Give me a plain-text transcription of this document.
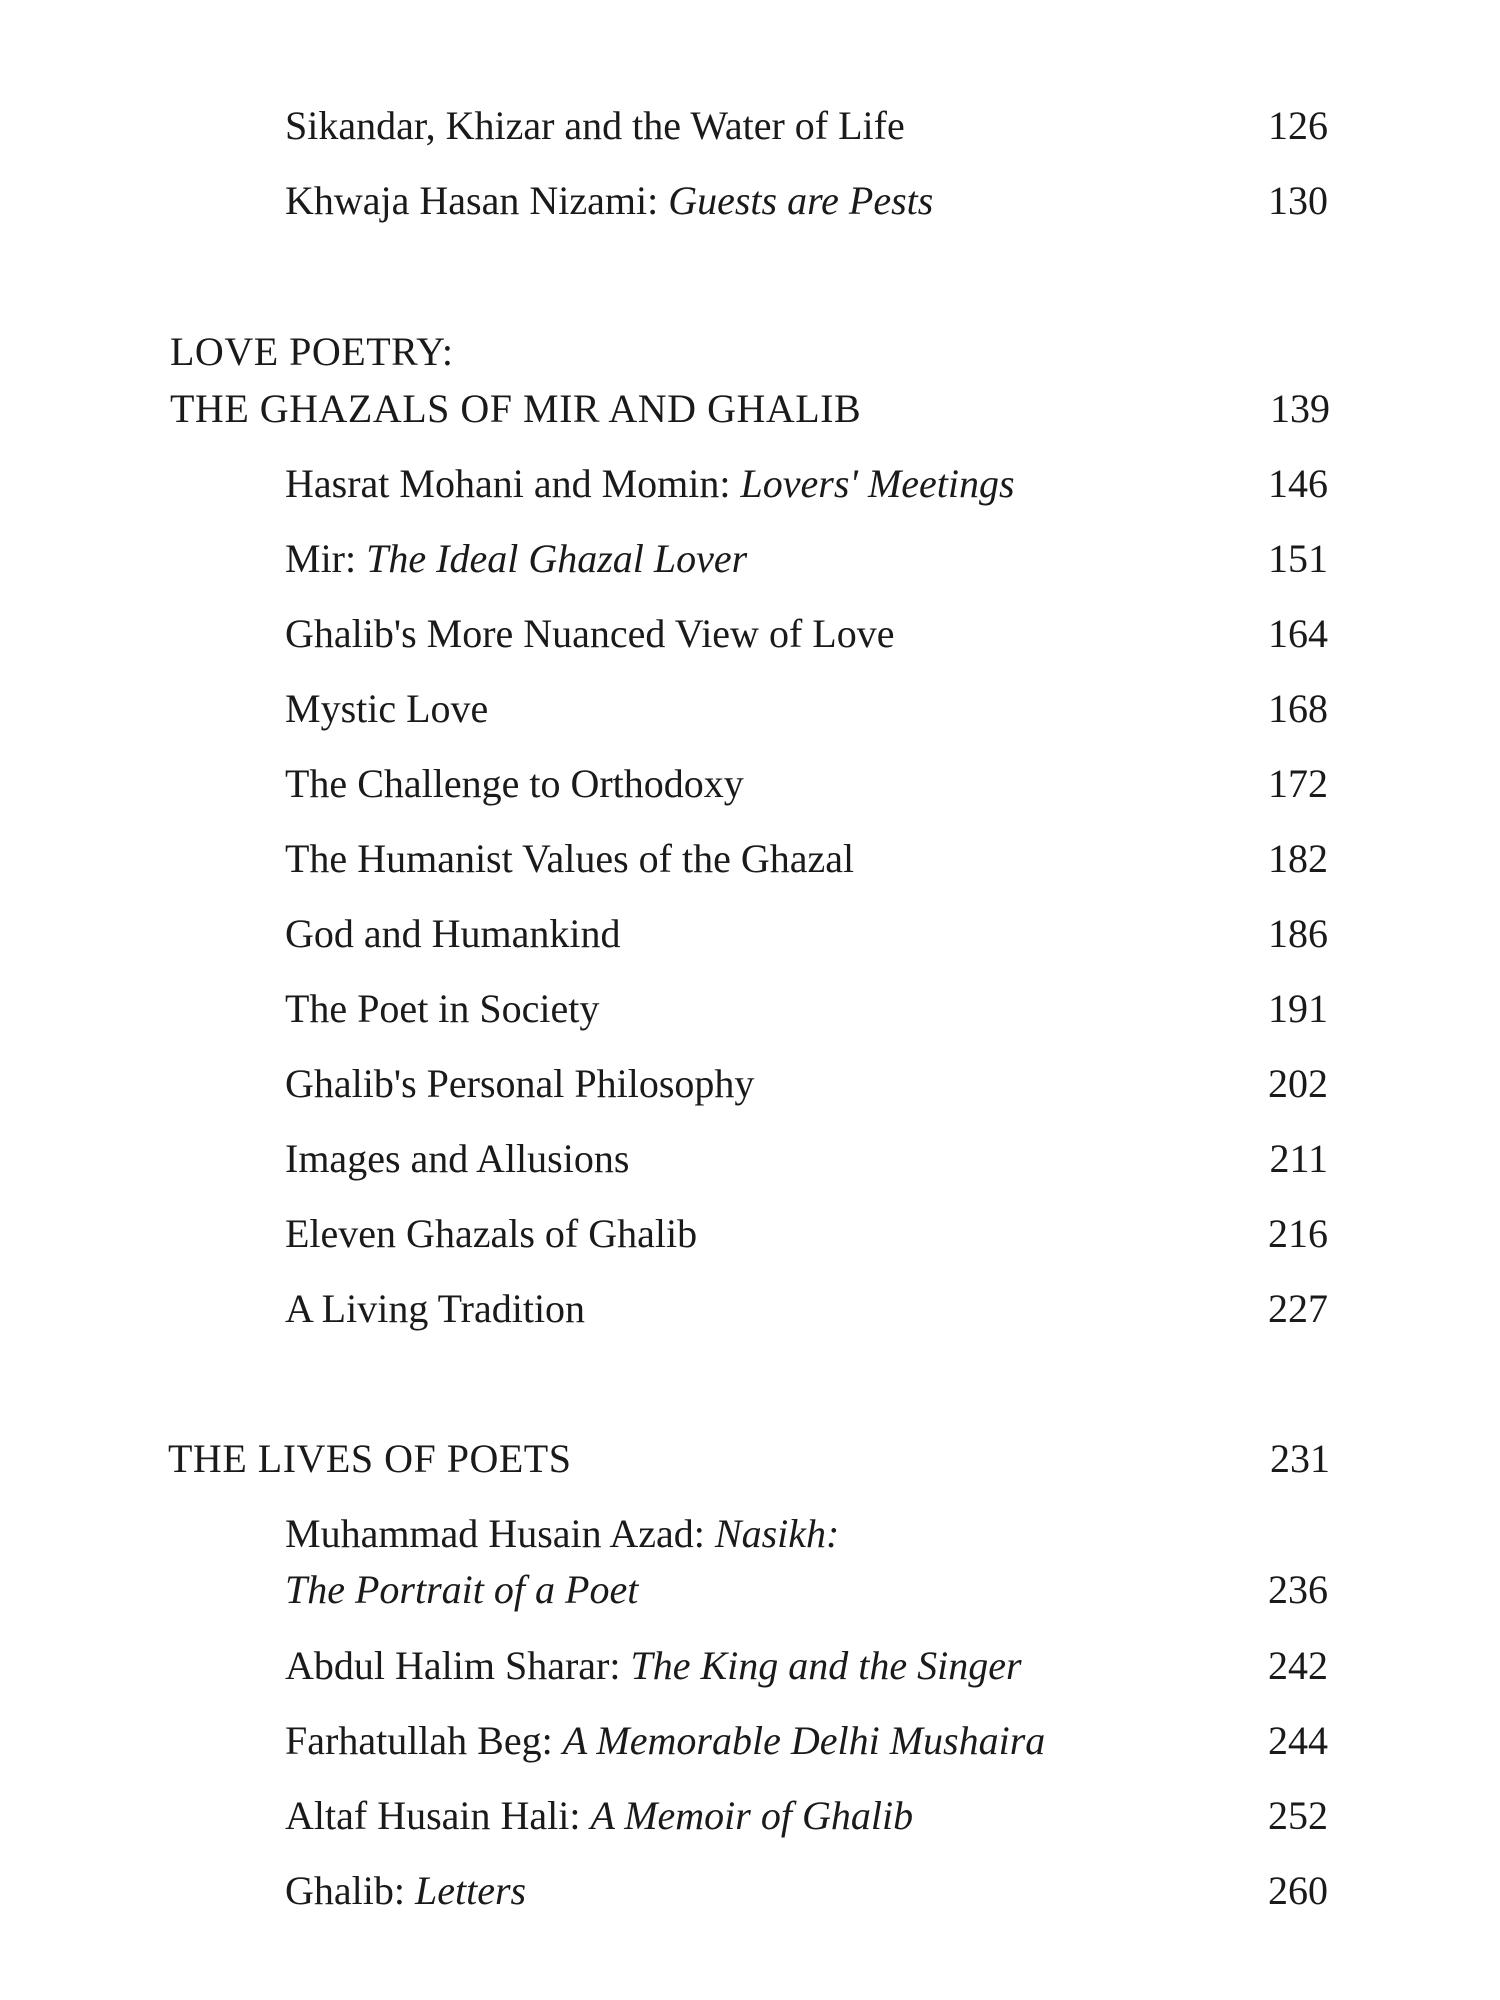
Sikandar, Khizar and the Water of Life	126
Khwaja Hasan Nizami: Guests are Pests	130
LOVE POETRY:
THE GHAZALS OF MIR AND GHALIB	139
Hasrat Mohani and Momin: Lovers' Meetings	146
Mir: The Ideal Ghazal Lover	151
Ghalib's More Nuanced View of Love	164
Mystic Love	168
The Challenge to Orthodoxy	172
The Humanist Values of the Ghazal	182
God and Humankind	186
The Poet in Society	191
Ghalib's Personal Philosophy	202
Images and Allusions	211
Eleven Ghazals of Ghalib	216
A Living Tradition	227
THE LIVES OF POETS	231
Muhammad Husain Azad: Nasikh:
The Portrait of a Poet	236
Abdul Halim Sharar: The King and the Singer	242
Farhatullah Beg: A Memorable Delhi Mushaira	244
Altaf Husain Hali: A Memoir of Ghalib	252
Ghalib: Letters	260
